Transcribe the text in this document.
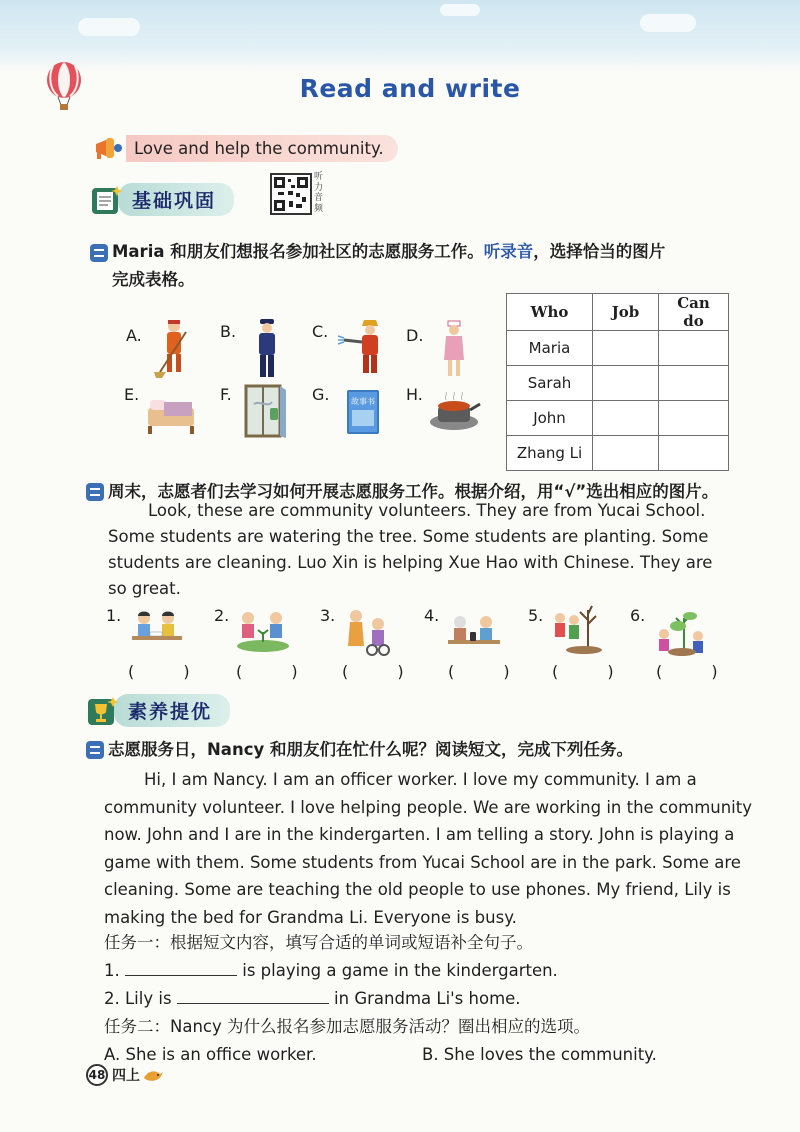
Read and write
Love and help the community.
基础巩固
听力音频
Maria 和朋友们想报名参加社区的志愿服务工作。听录音，选择恰当的图片
完成表格。
A.	B.	C.	D.
E.	F.	G.	H.
故事书
Who	Job	Can do
Maria		
Sarah		
John		
Zhang Li		
周末，志愿者们去学习如何开展志愿服务工作。根据介绍，用“√”选出相应的图片。
Look, these are community volunteers. They are from Yucai School.
Some students are watering the tree. Some students are planting. Some
students are cleaning. Luo Xin is helping Xue Hao with Chinese. They are
so great.
1.	2.	3.	4.	5.	6.
( ) ( ) ( ) ( ) ( ) ( )
素养提优
志愿服务日，Nancy 和朋友们在忙什么呢？阅读短文，完成下列任务。
Hi, I am Nancy. I am an officer worker. I love my community. I am a
community volunteer. I love helping people. We are working in the community
now. John and I are in the kindergarten. I am telling a story. John is playing a
game with them. Some students from Yucai School are in the park. Some are
cleaning. Some are teaching the old people to use phones. My friend, Lily is
making the bed for Grandma Li. Everyone is busy.
任务一：根据短文内容，填写合适的单词或短语补全句子。
1.	is playing a game in the kindergarten.
2. Lily is	in Grandma Li's home.
任务二：Nancy 为什么报名参加志愿服务活动？圈出相应的选项。
A. She is an office worker.	B. She loves the community.
48 四上
